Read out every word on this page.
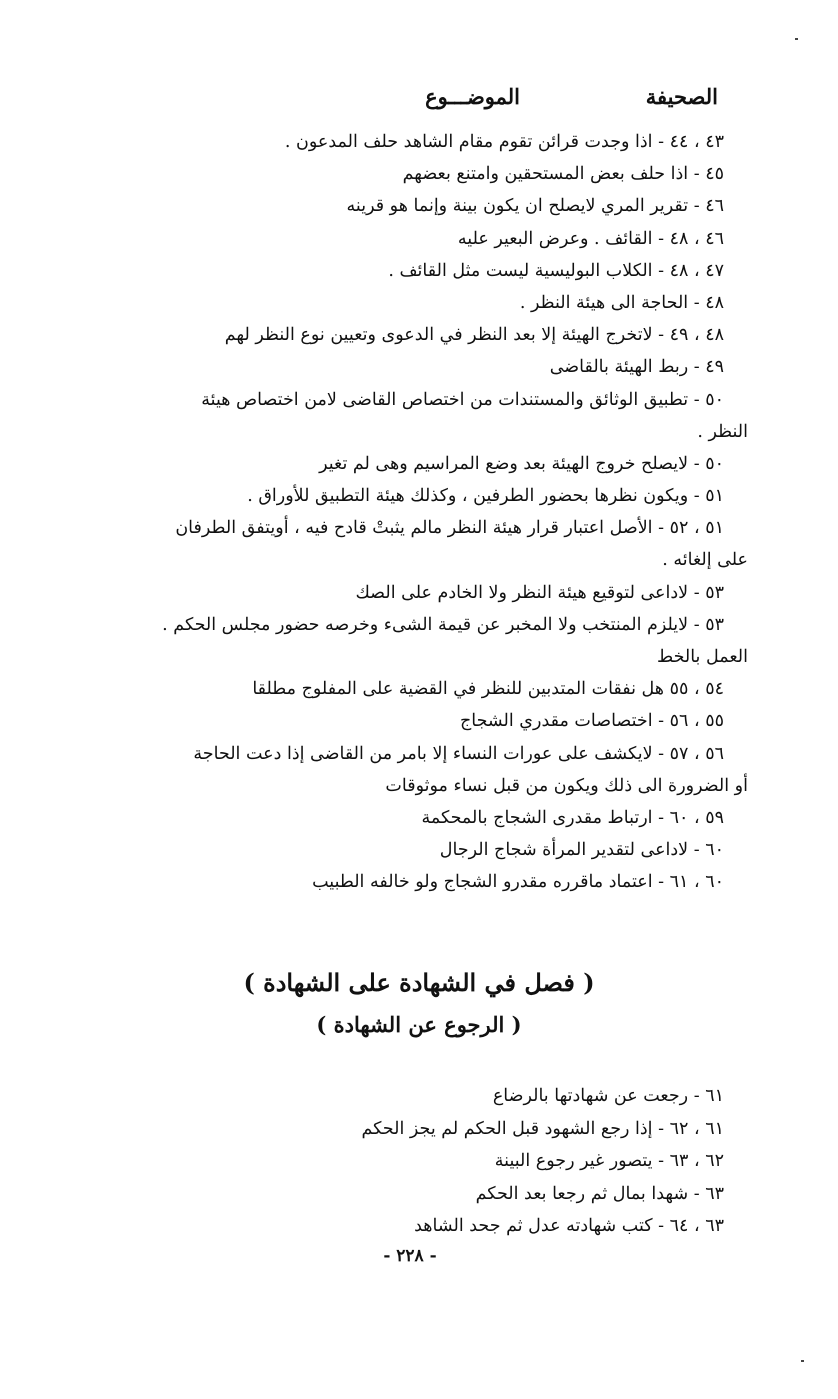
الصحيفة
الموضـــوع
٤٣ ، ٤٤ - اذا وجدت قرائن تقوم مقام الشاهد حلف المدعون .
٤٥ - اذا حلف بعض المستحقين وامتنع بعضهم
٤٦ - تقرير المري لايصلح ان يكون بينة وإنما هو قرينه
٤٦ ، ٤٨ - القائف . وعرض البعير عليه
٤٧ ، ٤٨ - الكلاب البوليسية ليست مثل القائف .
٤٨ - الحاجة الى هيئة النظر .
٤٨ ، ٤٩ - لاتخرج الهيئة إلا بعد النظر في الدعوى وتعيين نوع النظر لهم
٤٩ - ربط الهيئة بالقاضى
٥٠ - تطبيق الوثائق والمستندات من اختصاص القاضى لامن اختصاص هيئة
النظر .
٥٠ - لايصلح خروج الهيئة بعد وضع المراسيم وهى لم تغير
٥١ - ويكون نظرها بحضور الطرفين ، وكذلك هيئة التطبيق للأوراق .
٥١ ، ٥٢ - الأصل اعتبار قرار هيئة النظر مالم يثبتْ قادح فيه ، أويتفق الطرفان
على إلغائه .
٥٣ - لاداعى لتوقيع هيئة النظر ولا الخادم على الصك
٥٣ - لايلزم المنتخب ولا المخبر عن قيمة الشىء وخرصه حضور مجلس الحكم .
العمل بالخط
٥٤ ، ٥٥ هل نفقات المتدبين للنظر في القضية على المفلوج مطلقا
٥٥ ، ٥٦ - اختصاصات مقدري الشجاج
٥٦ ، ٥٧ - لايكشف على عورات النساء إلا بامر من القاضى إذا دعت الحاجة
أو الضرورة الى ذلك ويكون من قبل نساء موثوقات
٥٩ ، ٦٠ - ارتباط مقدرى الشجاج بالمحكمة
٦٠ - لاداعى لتقدير المرأة شجاج الرجال
٦٠ ، ٦١ - اعتماد ماقرره مقدرو الشجاج ولو خالفه الطبيب
( فصل في الشهادة على الشهادة )
( الرجوع عن الشهادة )
٦١ - رجعت عن شهادتها بالرضاع
٦١ ، ٦٢ - إذا رجع الشهود قبل الحكم لم يجز الحكم
٦٢ ، ٦٣ - يتصور غير رجوع البينة
٦٣ - شهدا بمال ثم رجعا بعد الحكم
٦٣ ، ٦٤ - كتب شهادته عدل ثم جحد الشاهد
- ٢٢٨ -
